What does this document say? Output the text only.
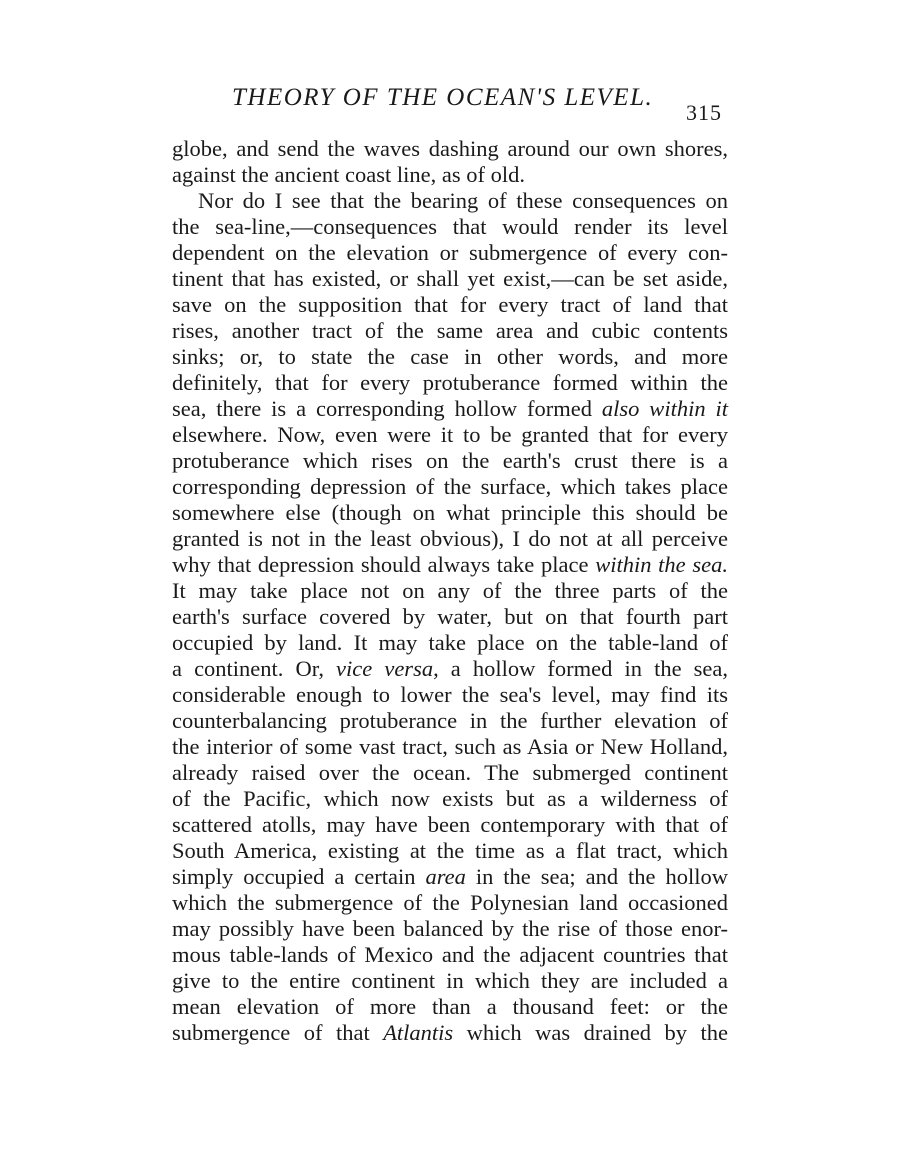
THEORY OF THE OCEAN'S LEVEL.
315
globe, and send the waves dashing around our own shores,
against the ancient coast line, as of old.
Nor do I see that the bearing of these consequences on
the sea-line,—consequences that would render its level
dependent on the elevation or submergence of every con-
tinent that has existed, or shall yet exist,—can be set aside,
save on the supposition that for every tract of land that
rises, another tract of the same area and cubic contents
sinks; or, to state the case in other words, and more
definitely, that for every protuberance formed within the
sea, there is a corresponding hollow formed also within it
elsewhere. Now, even were it to be granted that for every
protuberance which rises on the earth's crust there is a
corresponding depression of the surface, which takes place
somewhere else (though on what principle this should be
granted is not in the least obvious), I do not at all perceive
why that depression should always take place within the sea.
It may take place not on any of the three parts of the
earth's surface covered by water, but on that fourth part
occupied by land. It may take place on the table-land of
a continent. Or, vice versa, a hollow formed in the sea,
considerable enough to lower the sea's level, may find its
counterbalancing protuberance in the further elevation of
the interior of some vast tract, such as Asia or New Holland,
already raised over the ocean. The submerged continent
of the Pacific, which now exists but as a wilderness of
scattered atolls, may have been contemporary with that of
South America, existing at the time as a flat tract, which
simply occupied a certain area in the sea; and the hollow
which the submergence of the Polynesian land occasioned
may possibly have been balanced by the rise of those enor-
mous table-lands of Mexico and the adjacent countries that
give to the entire continent in which they are included a
mean elevation of more than a thousand feet: or the
submergence of that Atlantis which was drained by the
